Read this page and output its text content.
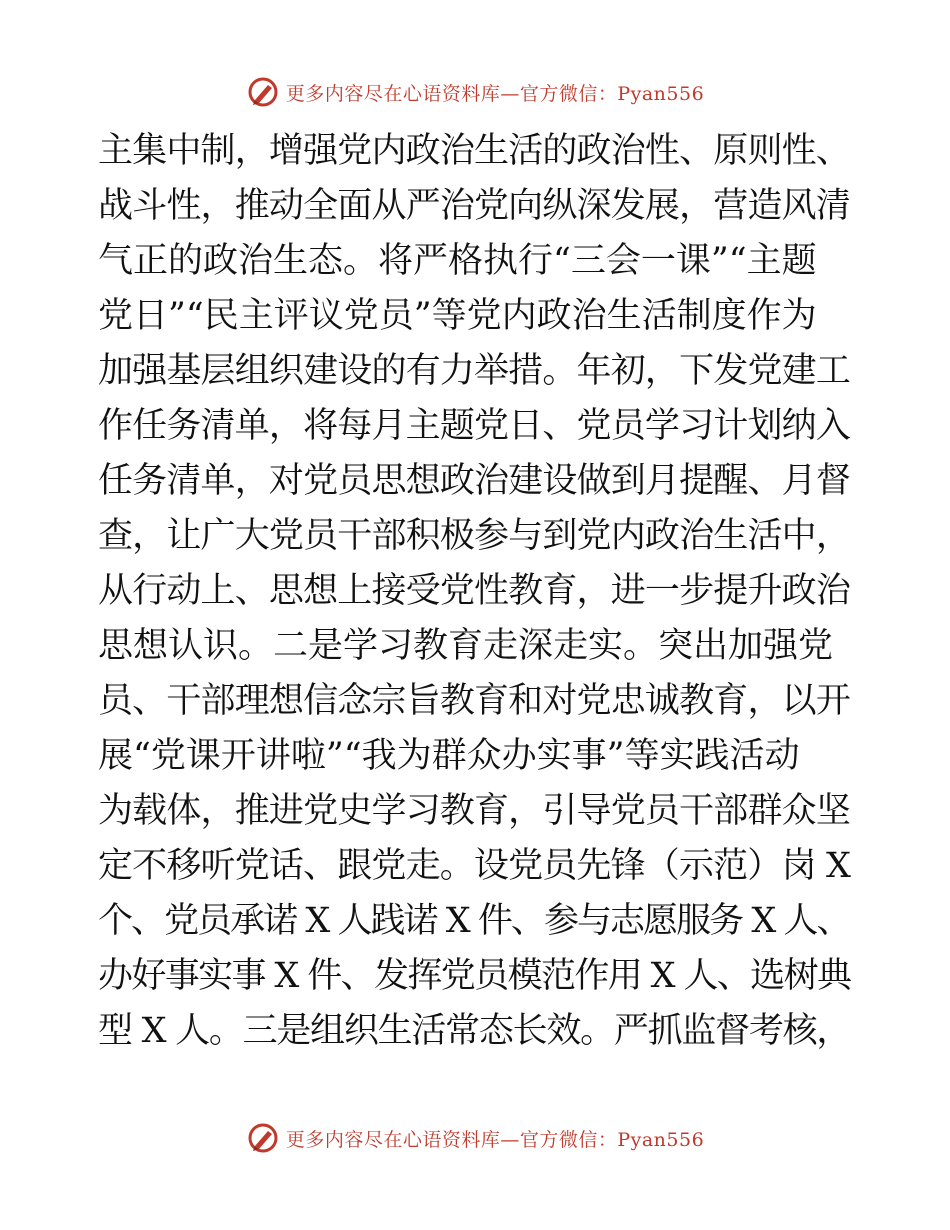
更多内容尽在心语资料库—官方微信：Pyan556
主集中制，增强党内政治生活的政治性、原则性、
战斗性，推动全面从严治党向纵深发展，营造风清
气正的政治生态。将严格执行“三会一课”“主题
党日”“民主评议党员”等党内政治生活制度作为
加强基层组织建设的有力举措。年初，下发党建工
作任务清单，将每月主题党日、党员学习计划纳入
任务清单，对党员思想政治建设做到月提醒、月督
查，让广大党员干部积极参与到党内政治生活中，
从行动上、思想上接受党性教育，进一步提升政治
思想认识。二是学习教育走深走实。突出加强党
员、干部理想信念宗旨教育和对党忠诚教育，以开
展“党课开讲啦”“我为群众办实事”等实践活动
为载体，推进党史学习教育，引导党员干部群众坚
定不移听党话、跟党走。设党员先锋（示范）岗 X
个、党员承诺 X 人践诺 X 件、参与志愿服务 X 人、
办好事实事 X 件、发挥党员模范作用 X 人、选树典
型 X 人。三是组织生活常态长效。严抓监督考核，
更多内容尽在心语资料库—官方微信：Pyan556
